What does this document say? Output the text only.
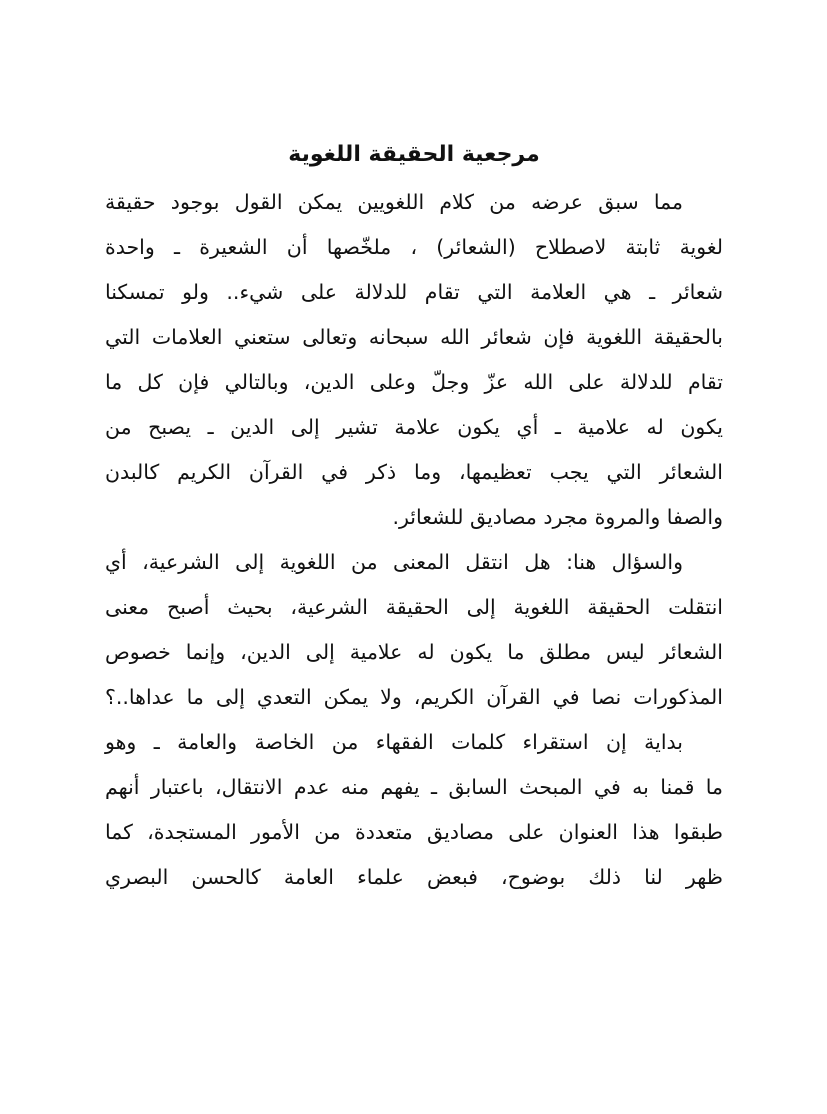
مرجعية الحقيقة اللغوية
مما سبق عرضه من كلام اللغويين يمكن القول بوجود حقيقة
لغوية ثابتة لاصطلاح (الشعائر) ، ملخّصها أن الشعيرة ـ واحدة
شعائر ـ هي العلامة التي تقام للدلالة على شيء.. ولو تمسكنا
بالحقيقة اللغوية فإن شعائر الله سبحانه وتعالى ستعني العلامات التي
تقام للدلالة على الله عزّ وجلّ وعلى الدين، وبالتالي فإن كل ما
يكون له علامية ـ أي يكون علامة تشير إلى الدين ـ يصبح من
الشعائر التي يجب تعظيمها، وما ذكر في القرآن الكريم كالبدن
والصفا والمروة مجرد مصاديق للشعائر.
والسؤال هنا: هل انتقل المعنى من اللغوية إلى الشرعية، أي
انتقلت الحقيقة اللغوية إلى الحقيقة الشرعية، بحيث أصبح معنى
الشعائر ليس مطلق ما يكون له علامية إلى الدين، وإنما خصوص
المذكورات نصا في القرآن الكريم، ولا يمكن التعدي إلى ما عداها..؟
بداية إن استقراء كلمات الفقهاء من الخاصة والعامة ـ وهو
ما قمنا به في المبحث السابق ـ يفهم منه عدم الانتقال، باعتبار أنهم
طبقوا هذا العنوان على مصاديق متعددة من الأمور المستجدة، كما
ظهر لنا ذلك بوضوح، فبعض علماء العامة كالحسن البصري
